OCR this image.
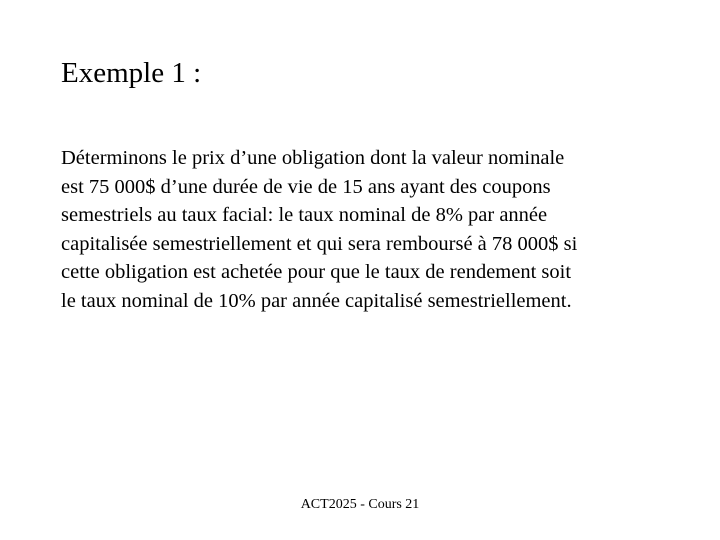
Exemple 1 :
Déterminons le prix d’une obligation dont la valeur nominale
est 75 000$ d’une durée de vie de 15 ans ayant des coupons
semestriels au taux facial: le taux nominal de 8% par année
capitalisée semestriellement et qui sera remboursé à 78 000$ si
cette obligation est achetée pour que le taux de rendement soit
le taux nominal de 10% par année capitalisé semestriellement.
ACT2025 - Cours 21
